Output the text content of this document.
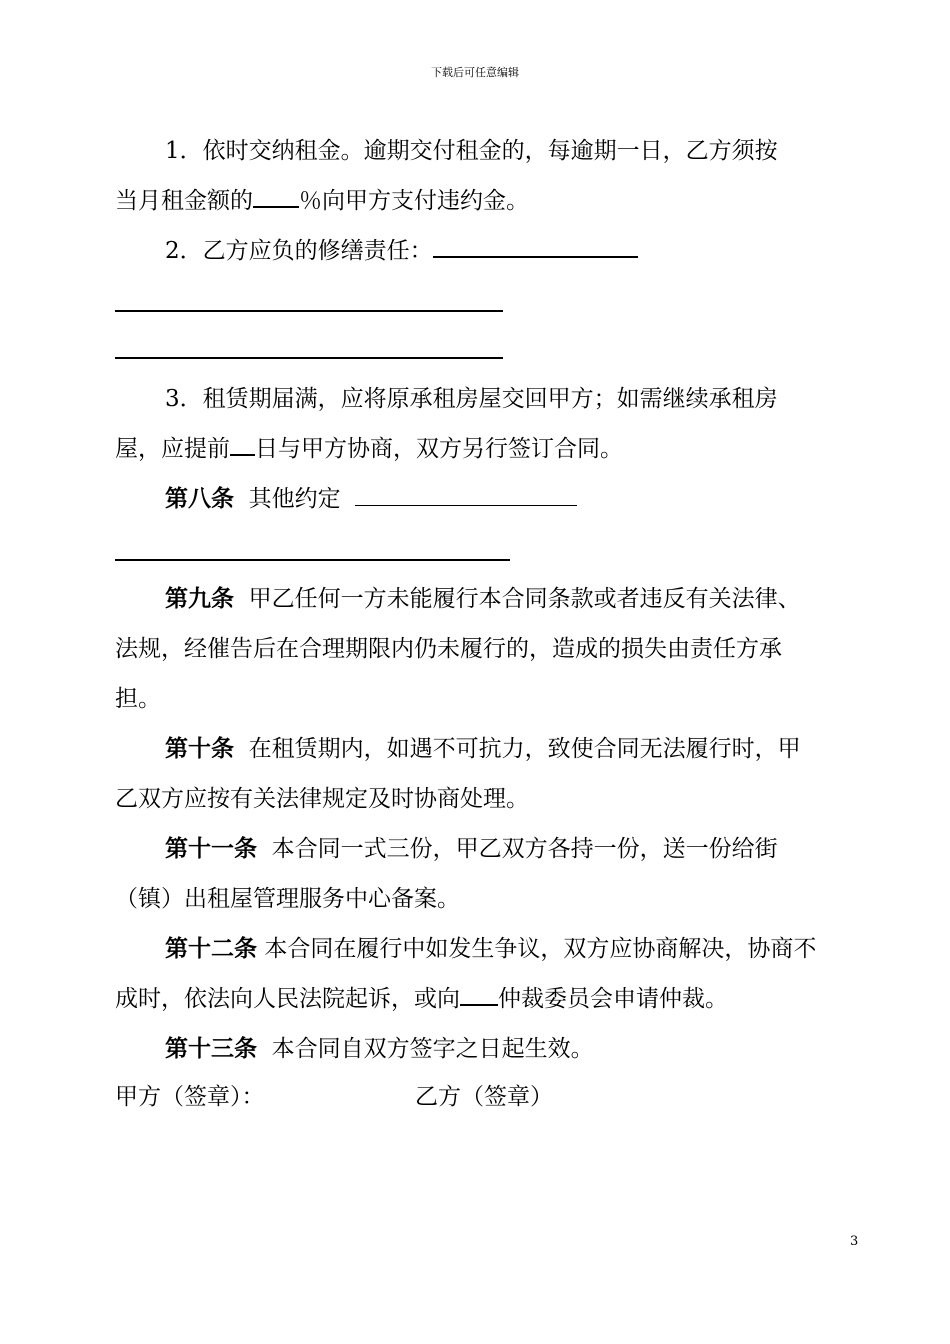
下载后可任意编辑
1．依时交纳租金。逾期交付租金的，每逾期一日，乙方须按
当月租金额的 ％向甲方支付违约金。
2．乙方应负的修缮责任：
3．租赁期届满，应将原承租房屋交回甲方；如需继续承租房
屋，应提前 日与甲方协商，双方另行签订合同。
第八条 其他约定
第九条 甲乙任何一方未能履行本合同条款或者违反有关法律、
法规，经催告后在合理期限内仍未履行的，造成的损失由责任方承
担。
第十条 在租赁期内，如遇不可抗力，致使合同无法履行时，甲
乙双方应按有关法律规定及时协商处理。
第十一条 本合同一式三份，甲乙双方各持一份，送一份给街
（镇）出租屋管理服务中心备案。
第十二条 本合同在履行中如发生争议，双方应协商解决，协商不
成时，依法向人民法院起诉，或向 仲裁委员会申请仲裁。
第十三条 本合同自双方签字之日起生效。
甲方（签章）：	乙方（签章）
3
